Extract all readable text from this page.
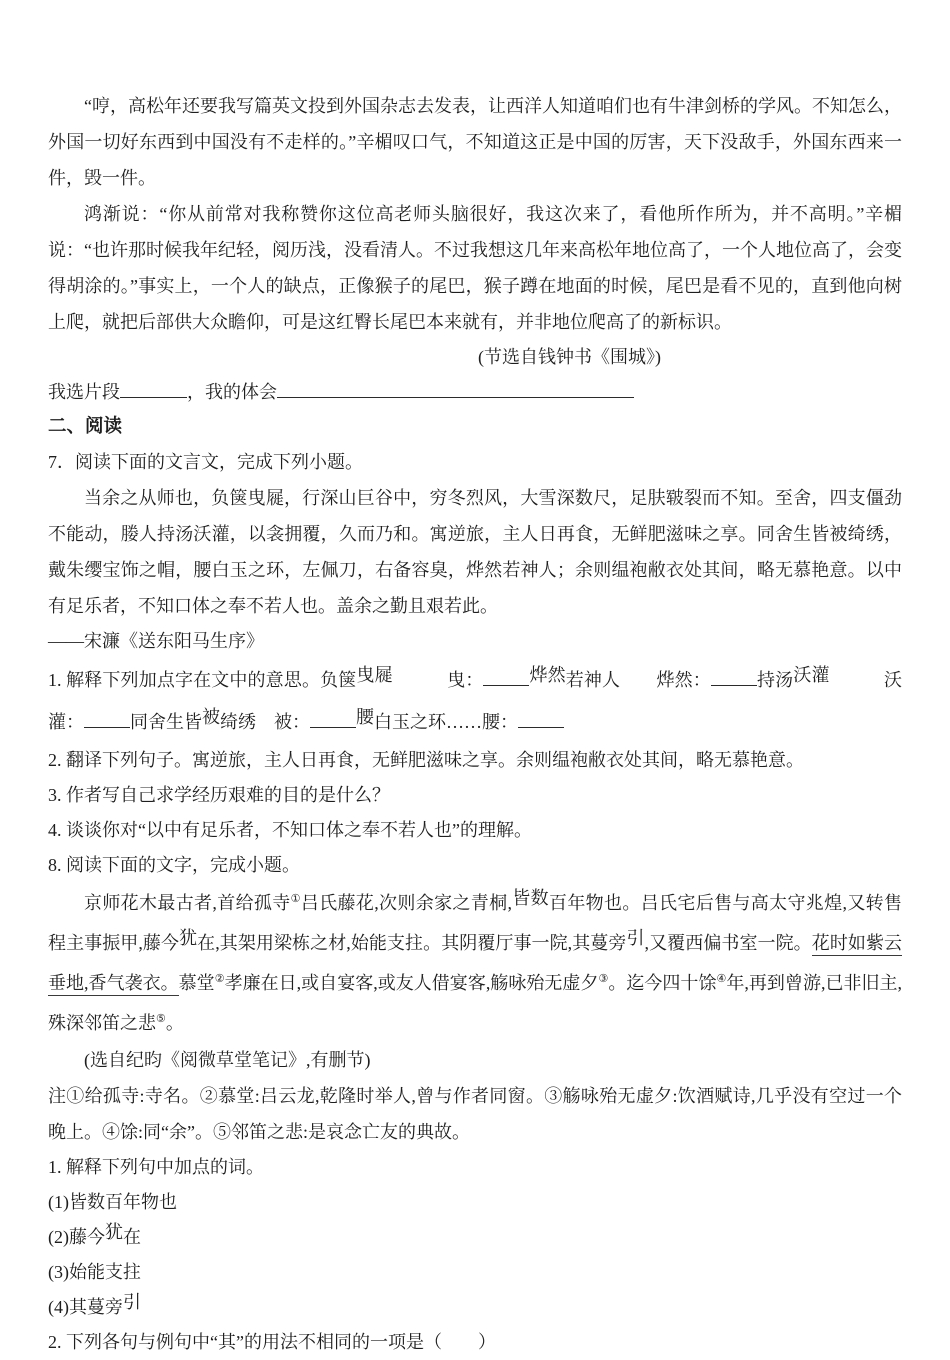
“哼，高松年还要我写篇英文投到外国杂志去发表，让西洋人知道咱们也有牛津剑桥的学风。不知怎么，外国一切好东西到中国没有不走样的。”辛楣叹口气，不知道这正是中国的厉害，天下没敌手，外国东西来一件，毁一件。

鸿渐说：“你从前常对我称赞你这位高老师头脑很好，我这次来了，看他所作所为，并不高明。”辛楣说：“也许那时候我年纪轻，阅历浅，没看清人。不过我想这几年来高松年地位高了，一个人地位高了，会变得胡涂的。”事实上，一个人的缺点，正像猴子的尾巴，猴子蹲在地面的时候，尾巴是看不见的，直到他向树上爬，就把后部供大众瞻仰，可是这红臀长尾巴本来就有，并非地位爬高了的新标识。

(节选自钱钟书《围城》)
我选片段	，我的体会
二、阅读
7．阅读下面的文言文，完成下列小题。

当余之从师也，负箧曳屣，行深山巨谷中，穷冬烈风，大雪深数尺，足肤皲裂而不知。至舍，四支僵劲不能动，媵人持汤沃灌，以衾拥覆，久而乃和。寓逆旅，主人日再食，无鲜肥滋味之享。同舍生皆被绮绣，戴朱缨宝饰之帽，腰白玉之环，左佩刀，右备容臭，烨然若神人；余则缊袍敝衣处其间，略无慕艳意。以中有足乐者，不知口体之奉不若人也。盖余之勤且艰若此。

——宋濂《送东阳马生序》
1. 解释下列加点字在文中的意思。负箧曳屣　　　曳：	烨然若神人　　烨然：	持汤沃灌　　　沃灌：	同舍生皆被绮绣　被：	腰白玉之环……腰：
2. 翻译下列句子。寓逆旅，主人日再食，无鲜肥滋味之享。余则缊袍敝衣处其间，略无慕艳意。
3. 作者写自己求学经历艰难的目的是什么？
4. 谈谈你对“以中有足乐者，不知口体之奉不若人也”的理解。
8. 阅读下面的文字，完成小题。

京师花木最古者,首给孤寺①吕氏藤花,次则余家之青桐,皆数百年物也。吕氏宅后售与高太守兆煌,又转售程主事振甲,藤今犹在,其架用梁栋之材,始能支拄。其阴覆厅事一院,其蔓旁引,又覆西偏书室一院。花时如紫云垂地,香气袭衣。慕堂②孝廉在日,或自宴客,或友人借宴客,觞咏殆无虚夕③。迄今四十馀④年,再到曾游,已非旧主,殊深邻笛之悲⑤。

(选自纪昀《阅微草堂笔记》,有删节)

注①给孤寺:寺名。②慕堂:吕云龙,乾隆时举人,曾与作者同窗。③觞咏殆无虚夕:饮酒赋诗,几乎没有空过一个晚上。④馀:同“余”。⑤邻笛之悲:是哀念亡友的典故。

1. 解释下列句中加点的词。
(1)皆数百年物也
(2)藤今犹在
(3)始能支拄
(4)其蔓旁引
2. 下列各句与例句中“其”的用法不相同的一项是（　　）
